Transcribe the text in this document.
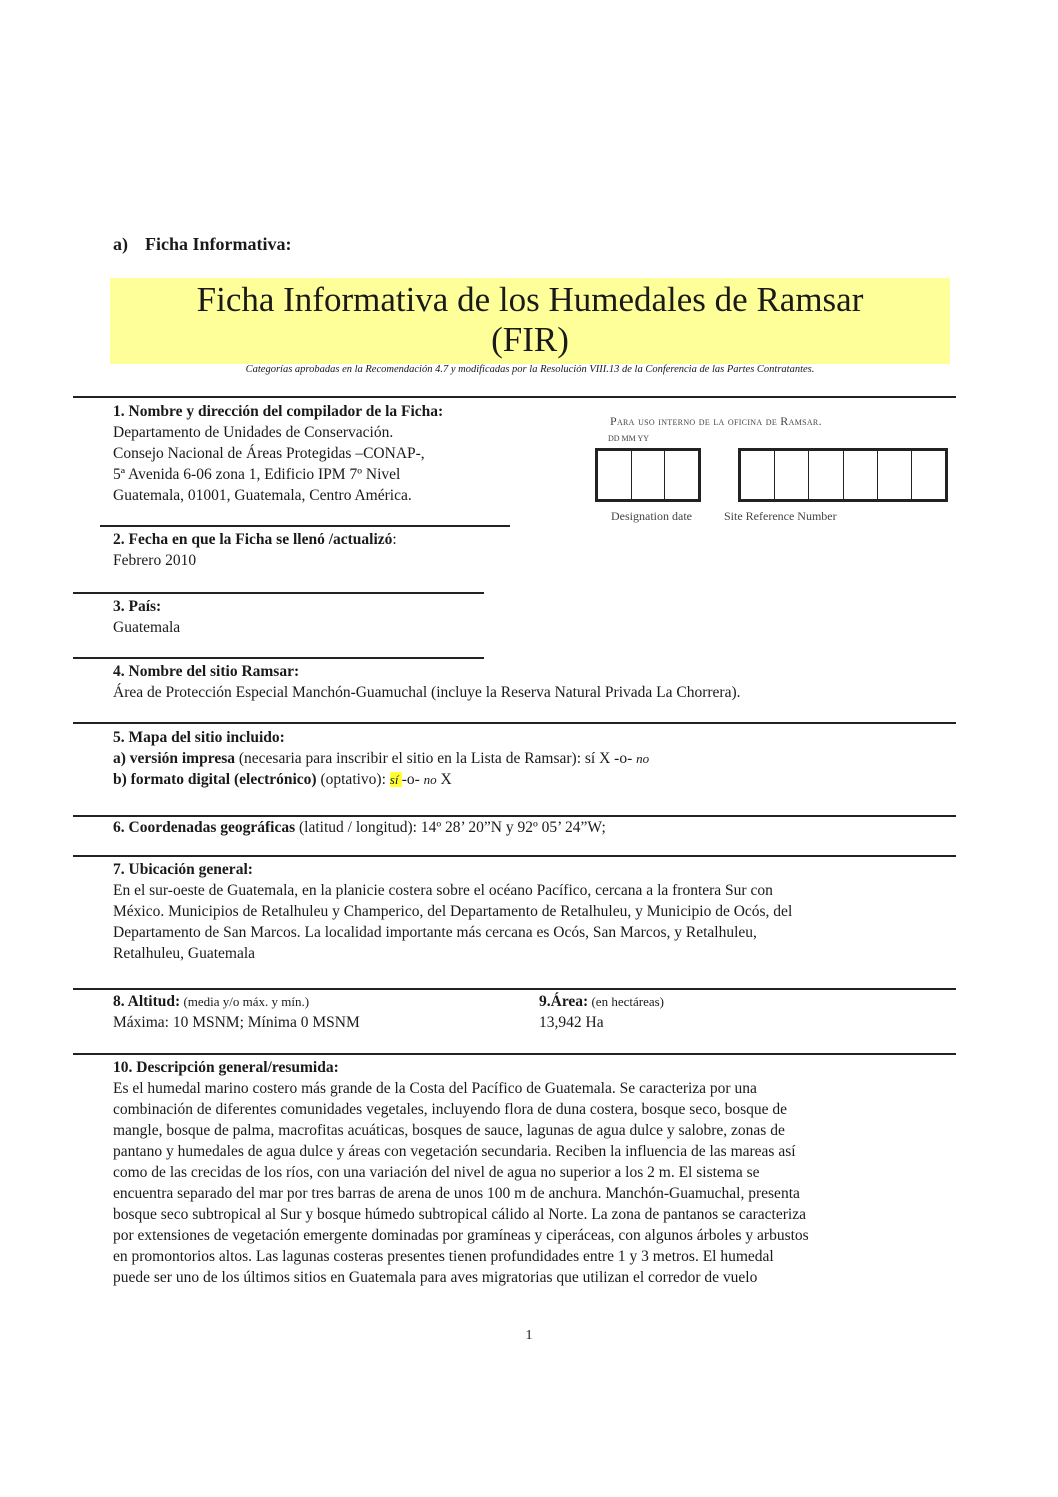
a) Ficha Informativa:
Ficha Informativa de los Humedales de Ramsar
(FIR)
Categorías aprobadas en la Recomendación 4.7 y modificadas por la Resolución VIII.13 de la Conferencia de las Partes Contratantes.
1. Nombre y dirección del compilador de la Ficha:
Departamento de Unidades de Conservación.
Consejo Nacional de Áreas Protegidas –CONAP-,
5ª Avenida 6-06 zona 1, Edificio IPM 7º Nivel
Guatemala, 01001, Guatemala, Centro América.
Para uso interno de la oficina de Ramsar.
DD MM YY
Designation date	Site Reference Number
2. Fecha en que la Ficha se llenó /actualizó:
Febrero 2010
3. País:
Guatemala
4. Nombre del sitio Ramsar:
Área de Protección Especial Manchón-Guamuchal (incluye la Reserva Natural Privada La Chorrera).
5. Mapa del sitio incluido:
a) versión impresa (necesaria para inscribir el sitio en la Lista de Ramsar): sí X -o- no
b) formato digital (electrónico) (optativo): sí -o- no X
6. Coordenadas geográficas (latitud / longitud): 14º 28’ 20”N y 92º 05’ 24”W;
7. Ubicación general:
En el sur-oeste de Guatemala, en la planicie costera sobre el océano Pacífico, cercana a la frontera Sur con
México. Municipios de Retalhuleu y Champerico, del Departamento de Retalhuleu, y Municipio de Ocós, del
Departamento de San Marcos. La localidad importante más cercana es Ocós, San Marcos, y Retalhuleu,
Retalhuleu, Guatemala
8. Altitud: (media y/o máx. y mín.)
Máxima: 10 MSNM; Mínima 0 MSNM
9.Área: (en hectáreas)
13,942 Ha
10. Descripción general/resumida:
Es el humedal marino costero más grande de la Costa del Pacífico de Guatemala. Se caracteriza por una
combinación de diferentes comunidades vegetales, incluyendo flora de duna costera, bosque seco, bosque de
mangle, bosque de palma, macrofitas acuáticas, bosques de sauce, lagunas de agua dulce y salobre, zonas de
pantano y humedales de agua dulce y áreas con vegetación secundaria. Reciben la influencia de las mareas así
como de las crecidas de los ríos, con una variación del nivel de agua no superior a los 2 m. El sistema se
encuentra separado del mar por tres barras de arena de unos 100 m de anchura. Manchón-Guamuchal, presenta
bosque seco subtropical al Sur y bosque húmedo subtropical cálido al Norte. La zona de pantanos se caracteriza
por extensiones de vegetación emergente dominadas por gramíneas y ciperáceas, con algunos árboles y arbustos
en promontorios altos. Las lagunas costeras presentes tienen profundidades entre 1 y 3 metros. El humedal
puede ser uno de los últimos sitios en Guatemala para aves migratorias que utilizan el corredor de vuelo
1
